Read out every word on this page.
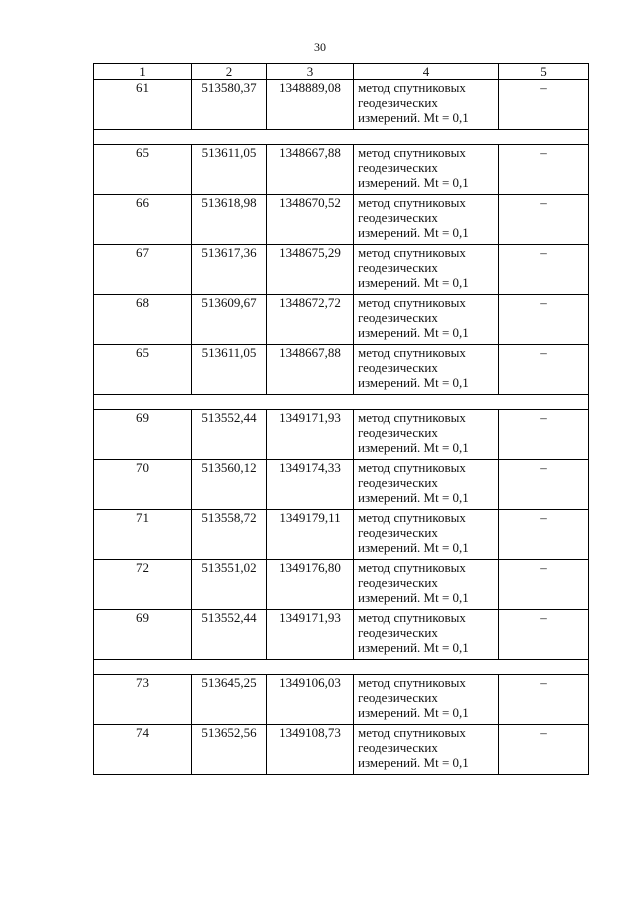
30
1	2	3	4	5
61	513580,37	1348889,08	метод спутниковых
геодезических
измерений. Mt = 0,1	–

65	513611,05	1348667,88	метод спутниковых
геодезических
измерений. Mt = 0,1	–
66	513618,98	1348670,52	метод спутниковых
геодезических
измерений. Mt = 0,1	–
67	513617,36	1348675,29	метод спутниковых
геодезических
измерений. Mt = 0,1	–
68	513609,67	1348672,72	метод спутниковых
геодезических
измерений. Mt = 0,1	–
65	513611,05	1348667,88	метод спутниковых
геодезических
измерений. Mt = 0,1	–

69	513552,44	1349171,93	метод спутниковых
геодезических
измерений. Mt = 0,1	–
70	513560,12	1349174,33	метод спутниковых
геодезических
измерений. Mt = 0,1	–
71	513558,72	1349179,11	метод спутниковых
геодезических
измерений. Mt = 0,1	–
72	513551,02	1349176,80	метод спутниковых
геодезических
измерений. Mt = 0,1	–
69	513552,44	1349171,93	метод спутниковых
геодезических
измерений. Mt = 0,1	–

73	513645,25	1349106,03	метод спутниковых
геодезических
измерений. Mt = 0,1	–
74	513652,56	1349108,73	метод спутниковых
геодезических
измерений. Mt = 0,1	–
